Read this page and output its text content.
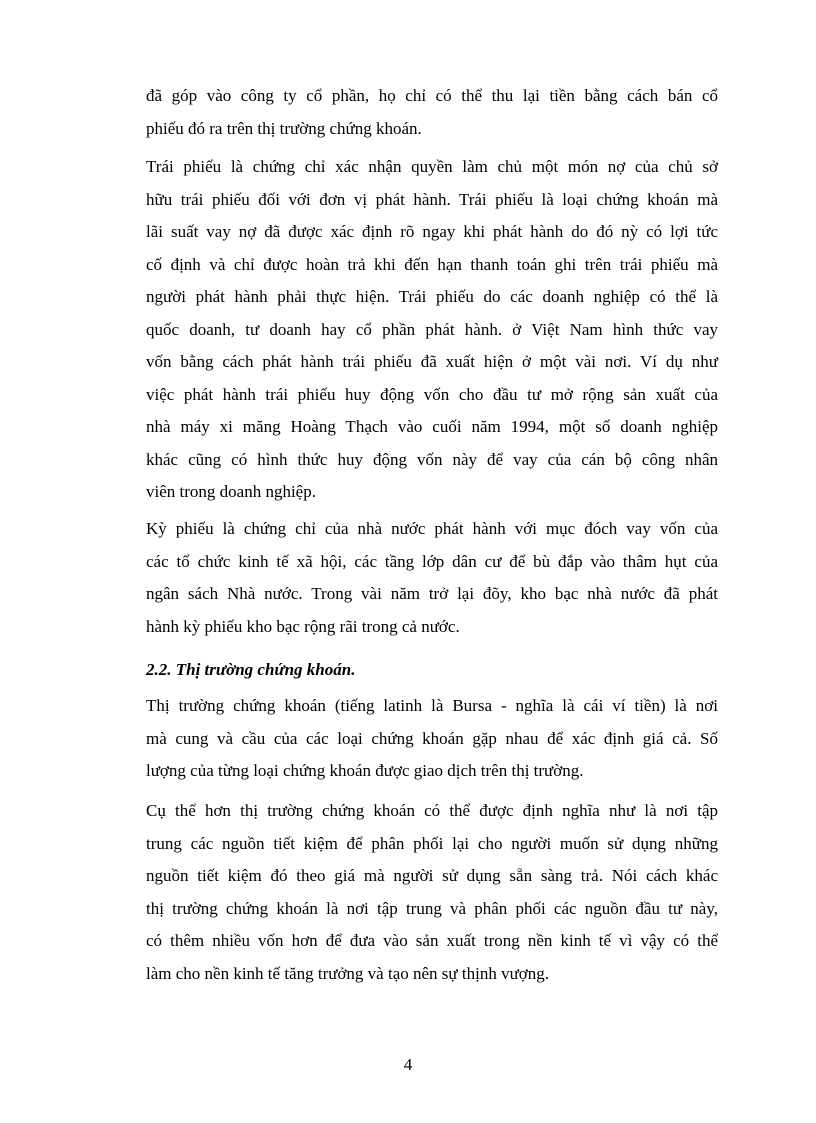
đã góp vào công ty cổ phần, họ chỉ có thể thu lại tiền bằng cách bán cổ
phiếu đó ra trên thị trường chứng khoán.
Trái phiếu là chứng chỉ xác nhận quyền làm chủ một món nợ của chủ sở
hữu trái phiếu đối với đơn vị phát hành. Trái phiếu là loại chứng khoán mà
lãi suất vay nợ đã được xác định rõ ngay khi phát hành do đó nỳ có lợi tức
cố định và chỉ được hoàn trả khi đến hạn thanh toán ghi trên trái phiếu mà
người phát hành phải thực hiện. Trái phiếu do các doanh nghiệp có thể là
quốc doanh, tư doanh hay cổ phần phát hành. ở Việt Nam hình thức vay
vốn bằng cách phát hành trái phiếu đã xuất hiện ở một vài nơi. Ví dụ như
việc phát hành trái phiếu huy động vốn cho đầu tư mở rộng sản xuất của
nhà máy xi măng Hoàng Thạch vào cuối năm 1994, một số doanh nghiệp
khác cũng có hình thức huy động vốn này để vay của cán bộ công nhân
viên trong doanh nghiệp.
Kỳ phiếu là chứng chỉ của nhà nước phát hành với mục đóch vay vốn của
các tổ chức kinh tế xã hội, các tầng lớp dân cư để bù đắp vào thâm hụt của
ngân sách Nhà nước. Trong vài năm trở lại đõy, kho bạc nhà nước đã phát
hành kỳ phiếu kho bạc rộng rãi trong cả nước.
2.2. Thị trường chứng khoán.
Thị trường chứng khoán (tiếng latinh là Bursa - nghĩa là cái ví tiền) là nơi
mà cung và cầu của các loại chứng khoán gặp nhau để xác định giá cả. Số
lượng của từng loại chứng khoán được giao dịch trên thị trường.
Cụ thể hơn thị trường chứng khoán có thể được định nghĩa như là nơi tập
trung các nguồn tiết kiệm để phân phối lại cho người muốn sử dụng những
nguồn tiết kiệm đó theo giá mà người sử dụng sẵn sàng trả. Nói cách khác
thị trường chứng khoán là nơi tập trung và phân phối các nguồn đầu tư này,
có thêm nhiều vốn hơn để đưa vào sản xuất trong nền kinh tế vì vậy có thể
làm cho nền kinh tế tăng trưởng và tạo nên sự thịnh vượng.
4
